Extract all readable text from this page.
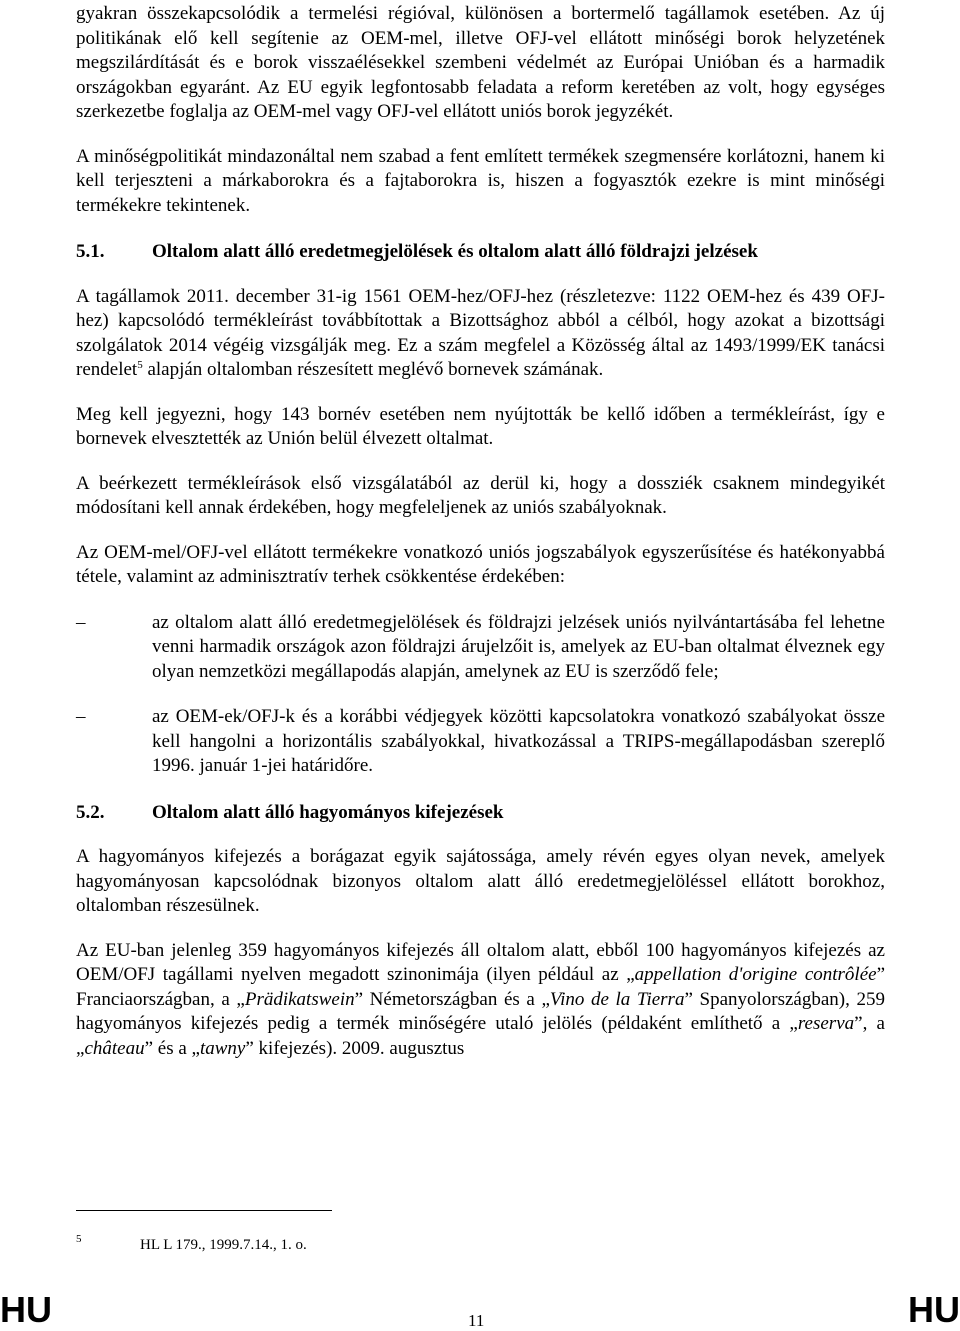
gyakran összekapcsolódik a termelési régióval, különösen a bortermelő tagállamok esetében. Az új politikának elő kell segítenie az OEM-mel, illetve OFJ-vel ellátott minőségi borok helyzetének megszilárdítását és e borok visszaélésekkel szembeni védelmét az Európai Unióban és a harmadik országokban egyaránt. Az EU egyik legfontosabb feladata a reform keretében az volt, hogy egységes szerkezetbe foglalja az OEM-mel vagy OFJ-vel ellátott uniós borok jegyzékét.

A minőségpolitikát mindazonáltal nem szabad a fent említett termékek szegmensére korlátozni, hanem ki kell terjeszteni a márkaborokra és a fajtaborokra is, hiszen a fogyasztók ezekre is mint minőségi termékekre tekintenek.

5.1.	Oltalom alatt álló eredetmegjelölések és oltalom alatt álló földrajzi jelzések

A tagállamok 2011. december 31-ig 1561 OEM-hez/OFJ-hez (részletezve: 1122 OEM-hez és 439 OFJ-hez) kapcsolódó termékleírást továbbítottak a Bizottsághoz abból a célból, hogy azokat a bizottsági szolgálatok 2014 végéig vizsgálják meg. Ez a szám megfelel a Közösség által az 1493/1999/EK tanácsi rendelet$^5$ alapján oltalomban részesített meglévő bornevek számának.

Meg kell jegyezni, hogy 143 bornév esetében nem nyújtották be kellő időben a termékleírást, így e bornevek elvesztették az Unión belül élvezett oltalmat.

A beérkezett termékleírások első vizsgálatából az derül ki, hogy a dossziék csaknem mindegyikét módosítani kell annak érdekében, hogy megfeleljenek az uniós szabályoknak.

Az OEM-mel/OFJ-vel ellátott termékekre vonatkozó uniós jogszabályok egyszerűsítése és hatékonyabbá tétele, valamint az adminisztratív terhek csökkentése érdekében:

–	az oltalom alatt álló eredetmegjelölések és földrajzi jelzések uniós nyilvántartásába fel lehetne venni harmadik országok azon földrajzi árujelzőit is, amelyek az EU-ban oltalmat élveznek egy olyan nemzetközi megállapodás alapján, amelynek az EU is szerződő fele;

–	az OEM-ek/OFJ-k és a korábbi védjegyek közötti kapcsolatokra vonatkozó szabályokat össze kell hangolni a horizontális szabályokkal, hivatkozással a TRIPS-megállapodásban szereplő 1996. január 1-jei határidőre.

5.2.	Oltalom alatt álló hagyományos kifejezések

A hagyományos kifejezés a borágazat egyik sajátossága, amely révén egyes olyan nevek, amelyek hagyományosan kapcsolódnak bizonyos oltalom alatt álló eredetmegjelöléssel ellátott borokhoz, oltalomban részesülnek.

Az EU-ban jelenleg 359 hagyományos kifejezés áll oltalom alatt, ebből 100 hagyományos kifejezés az OEM/OFJ tagállami nyelven megadott szinonimája (ilyen például az „appellation d'origine contrôlée” Franciaországban, a „Prädikatswein” Németországban és a „Vino de la Tierra” Spanyolországban), 259 hagyományos kifejezés pedig a termék minőségére utaló jelölés (példaként említhető a „reserva”, a „château” és a „tawny” kifejezés). 2009. augusztus

5	HL L 179., 1999.7.14., 1. o.
HU	11	HU
